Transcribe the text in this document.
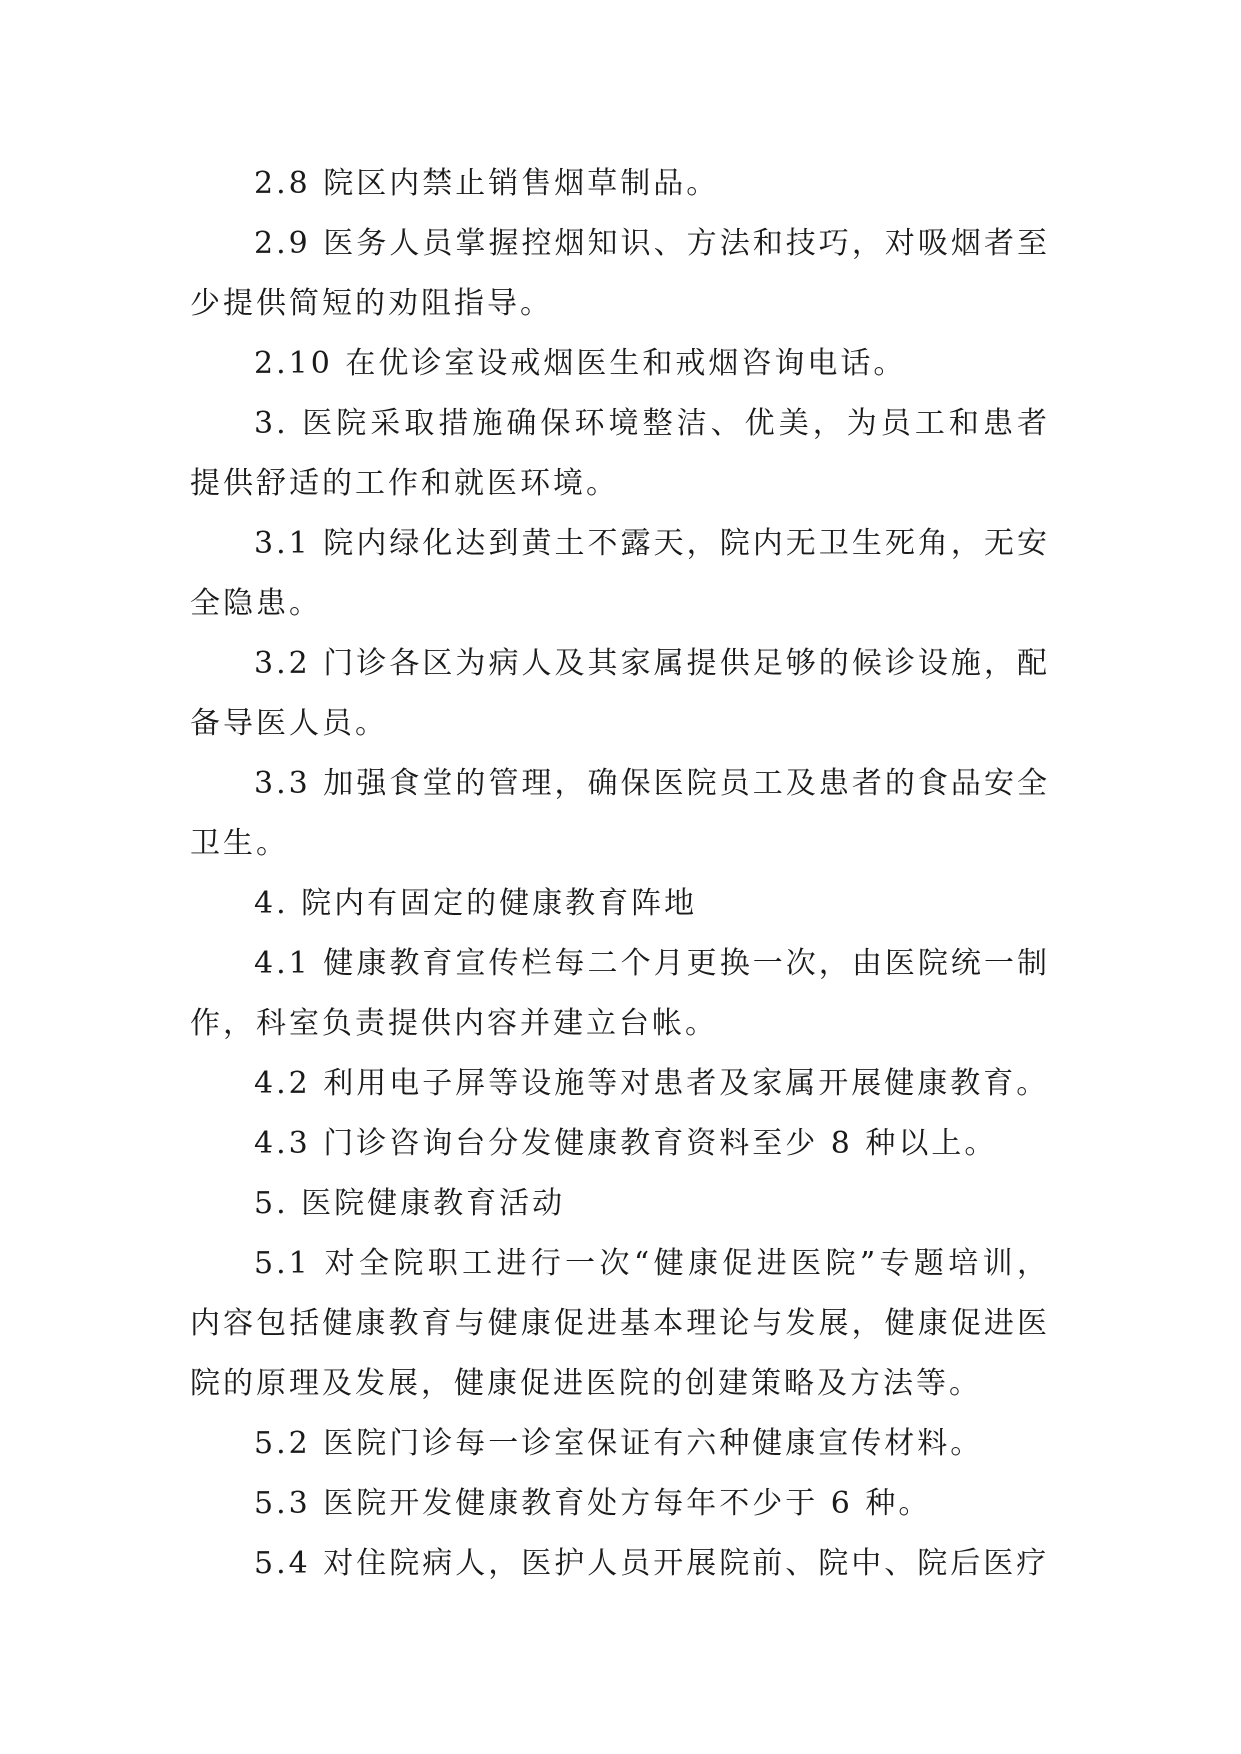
2.8 院区内禁止销售烟草制品。

2.9 医务人员掌握控烟知识、方法和技巧，对吸烟者至少提供简短的劝阻指导。

2.10 在优诊室设戒烟医生和戒烟咨询电话。

3. 医院采取措施确保环境整洁、优美，为员工和患者提供舒适的工作和就医环境。

3.1 院内绿化达到黄土不露天，院内无卫生死角，无安全隐患。

3.2 门诊各区为病人及其家属提供足够的候诊设施，配备导医人员。

3.3 加强食堂的管理，确保医院员工及患者的食品安全卫生。

4. 院内有固定的健康教育阵地

4.1 健康教育宣传栏每二个月更换一次，由医院统一制作，科室负责提供内容并建立台帐。

4.2 利用电子屏等设施等对患者及家属开展健康教育。

4.3 门诊咨询台分发健康教育资料至少 8 种以上。

5. 医院健康教育活动

5.1 对全院职工进行一次“健康促进医院”专题培训，内容包括健康教育与健康促进基本理论与发展，健康促进医院的原理及发展，健康促进医院的创建策略及方法等。

5.2 医院门诊每一诊室保证有六种健康宣传材料。

5.3 医院开发健康教育处方每年不少于 6 种。

5.4 对住院病人，医护人员开展院前、院中、院后医疗
